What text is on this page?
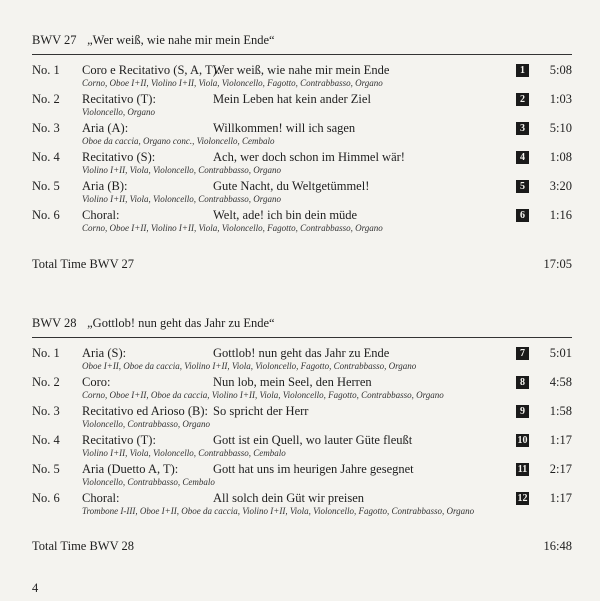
BWV 27 „Wer weiß, wie nahe mir mein Ende“
No. 1 Coro e Recitativo (S, A, T):
Wer weiß, wie nahe mir mein Ende
Corno, Oboe I+II, Violino I+II, Viola, Violoncello, Fagotto, Contrabbasso, Organo
1	5:08
No. 2 Recitativo (T):	Mein Leben hat kein ander Ziel
Violoncello, Organo
2	1:03
No. 3 Aria (A):	Willkommen! will ich sagen
Oboe da caccia, Organo conc., Violoncello, Cembalo
3	5:10
No. 4 Recitativo (S):	Ach, wer doch schon im Himmel wär!
Violino I+II, Viola, Violoncello, Contrabbasso, Organo
4	1:08
No. 5 Aria (B):	Gute Nacht, du Weltgetümmel!
Violino I+II, Viola, Violoncello, Contrabbasso, Organo
5	3:20
No. 6 Choral:	Welt, ade! ich bin dein müde
Corno, Oboe I+II, Violino I+II, Viola, Violoncello, Fagotto, Contrabbasso, Organo
6	1:16
Total Time BWV 27	17:05
BWV 28 „Gottlob! nun geht das Jahr zu Ende“
No. 1 Aria (S):	Gottlob! nun geht das Jahr zu Ende
Oboe I+II, Oboe da caccia, Violino I+II, Viola, Violoncello, Fagotto, Contrabbasso, Organo
7	5:01
No. 2 Coro:	Nun lob, mein Seel, den Herren
Corno, Oboe I+II, Oboe da caccia, Violino I+II, Viola, Violoncello, Fagotto, Contrabbasso, Organo
8	4:58
No. 3 Recitativo ed Arioso (B): So spricht der Herr
Violoncello, Contrabbasso, Organo
9	1:58
No. 4 Recitativo (T):	Gott ist ein Quell, wo lauter Güte fleußt
Violino I+II, Viola, Violoncello, Contrabbasso, Cembalo
10 1:17
No. 5 Aria (Duetto A, T):	Gott hat uns im heurigen Jahre gesegnet
Violoncello, Contrabbasso, Cembalo
11 2:17
No. 6 Choral:	All solch dein Güt wir preisen
Trombone I-III, Oboe I+II, Oboe da caccia, Violino I+II, Viola, Violoncello, Fagotto, Contrabbasso, Organo
12 1:17
Total Time BWV 28	16:48
4
